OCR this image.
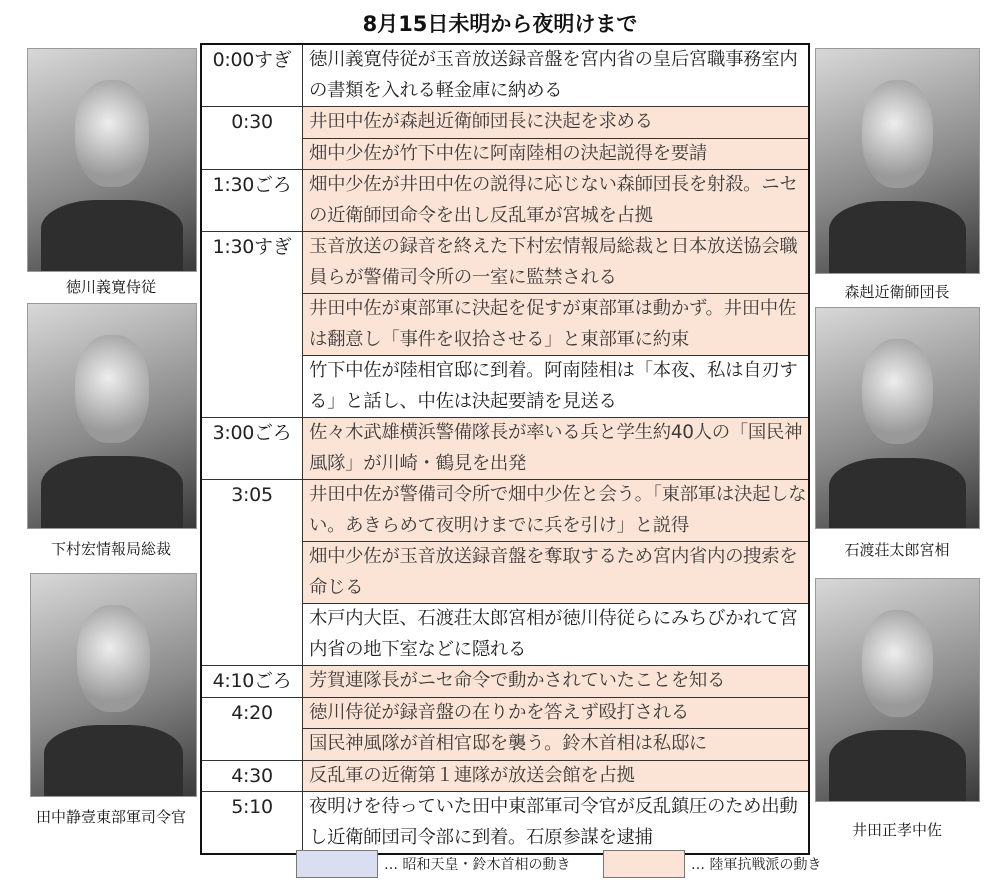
8月15日未明から夜明けまで
徳川義寛侍従
下村宏情報局総裁
田中静壹東部軍司令官
森赳近衛師団長
石渡荘太郎宮相
井田正孝中佐
0:00すぎ	徳川義寛侍従が玉音放送録音盤を宮内省の皇后宮職事務室内の書類を入れる軽金庫に納める
0:30	井田中佐が森赳近衛師団長に決起を求める
	畑中少佐が竹下中佐に阿南陸相の決起説得を要請
1:30ごろ	畑中少佐が井田中佐の説得に応じない森師団長を射殺。ニセの近衛師団命令を出し反乱軍が宮城を占拠
1:30すぎ	玉音放送の録音を終えた下村宏情報局総裁と日本放送協会職員らが警備司令所の一室に監禁される
	井田中佐が東部軍に決起を促すが東部軍は動かず。井田中佐は翻意し「事件を収拾させる」と東部軍に約束
	竹下中佐が陸相官邸に到着。阿南陸相は「本夜、私は自刃する」と話し、中佐は決起要請を見送る
3:00ごろ	佐々木武雄横浜警備隊長が率いる兵と学生約40人の「国民神風隊」が川崎・鶴見を出発
3:05	井田中佐が警備司令所で畑中少佐と会う。「東部軍は決起しない。あきらめて夜明けまでに兵を引け」と説得
	畑中少佐が玉音放送録音盤を奪取するため宮内省内の捜索を命じる
	木戸内大臣、石渡荘太郎宮相が徳川侍従らにみちびかれて宮内省の地下室などに隠れる
4:10ごろ	芳賀連隊長がニセ命令で動かされていたことを知る
4:20	徳川侍従が録音盤の在りかを答えず殴打される
	国民神風隊が首相官邸を襲う。鈴木首相は私邸に
4:30	反乱軍の近衛第１連隊が放送会館を占拠
5:10	夜明けを待っていた田中東部軍司令官が反乱鎮圧のため出動し近衛師団司令部に到着。石原参謀を逮捕
… 昭和天皇・鈴木首相の動き	… 陸軍抗戦派の動き
